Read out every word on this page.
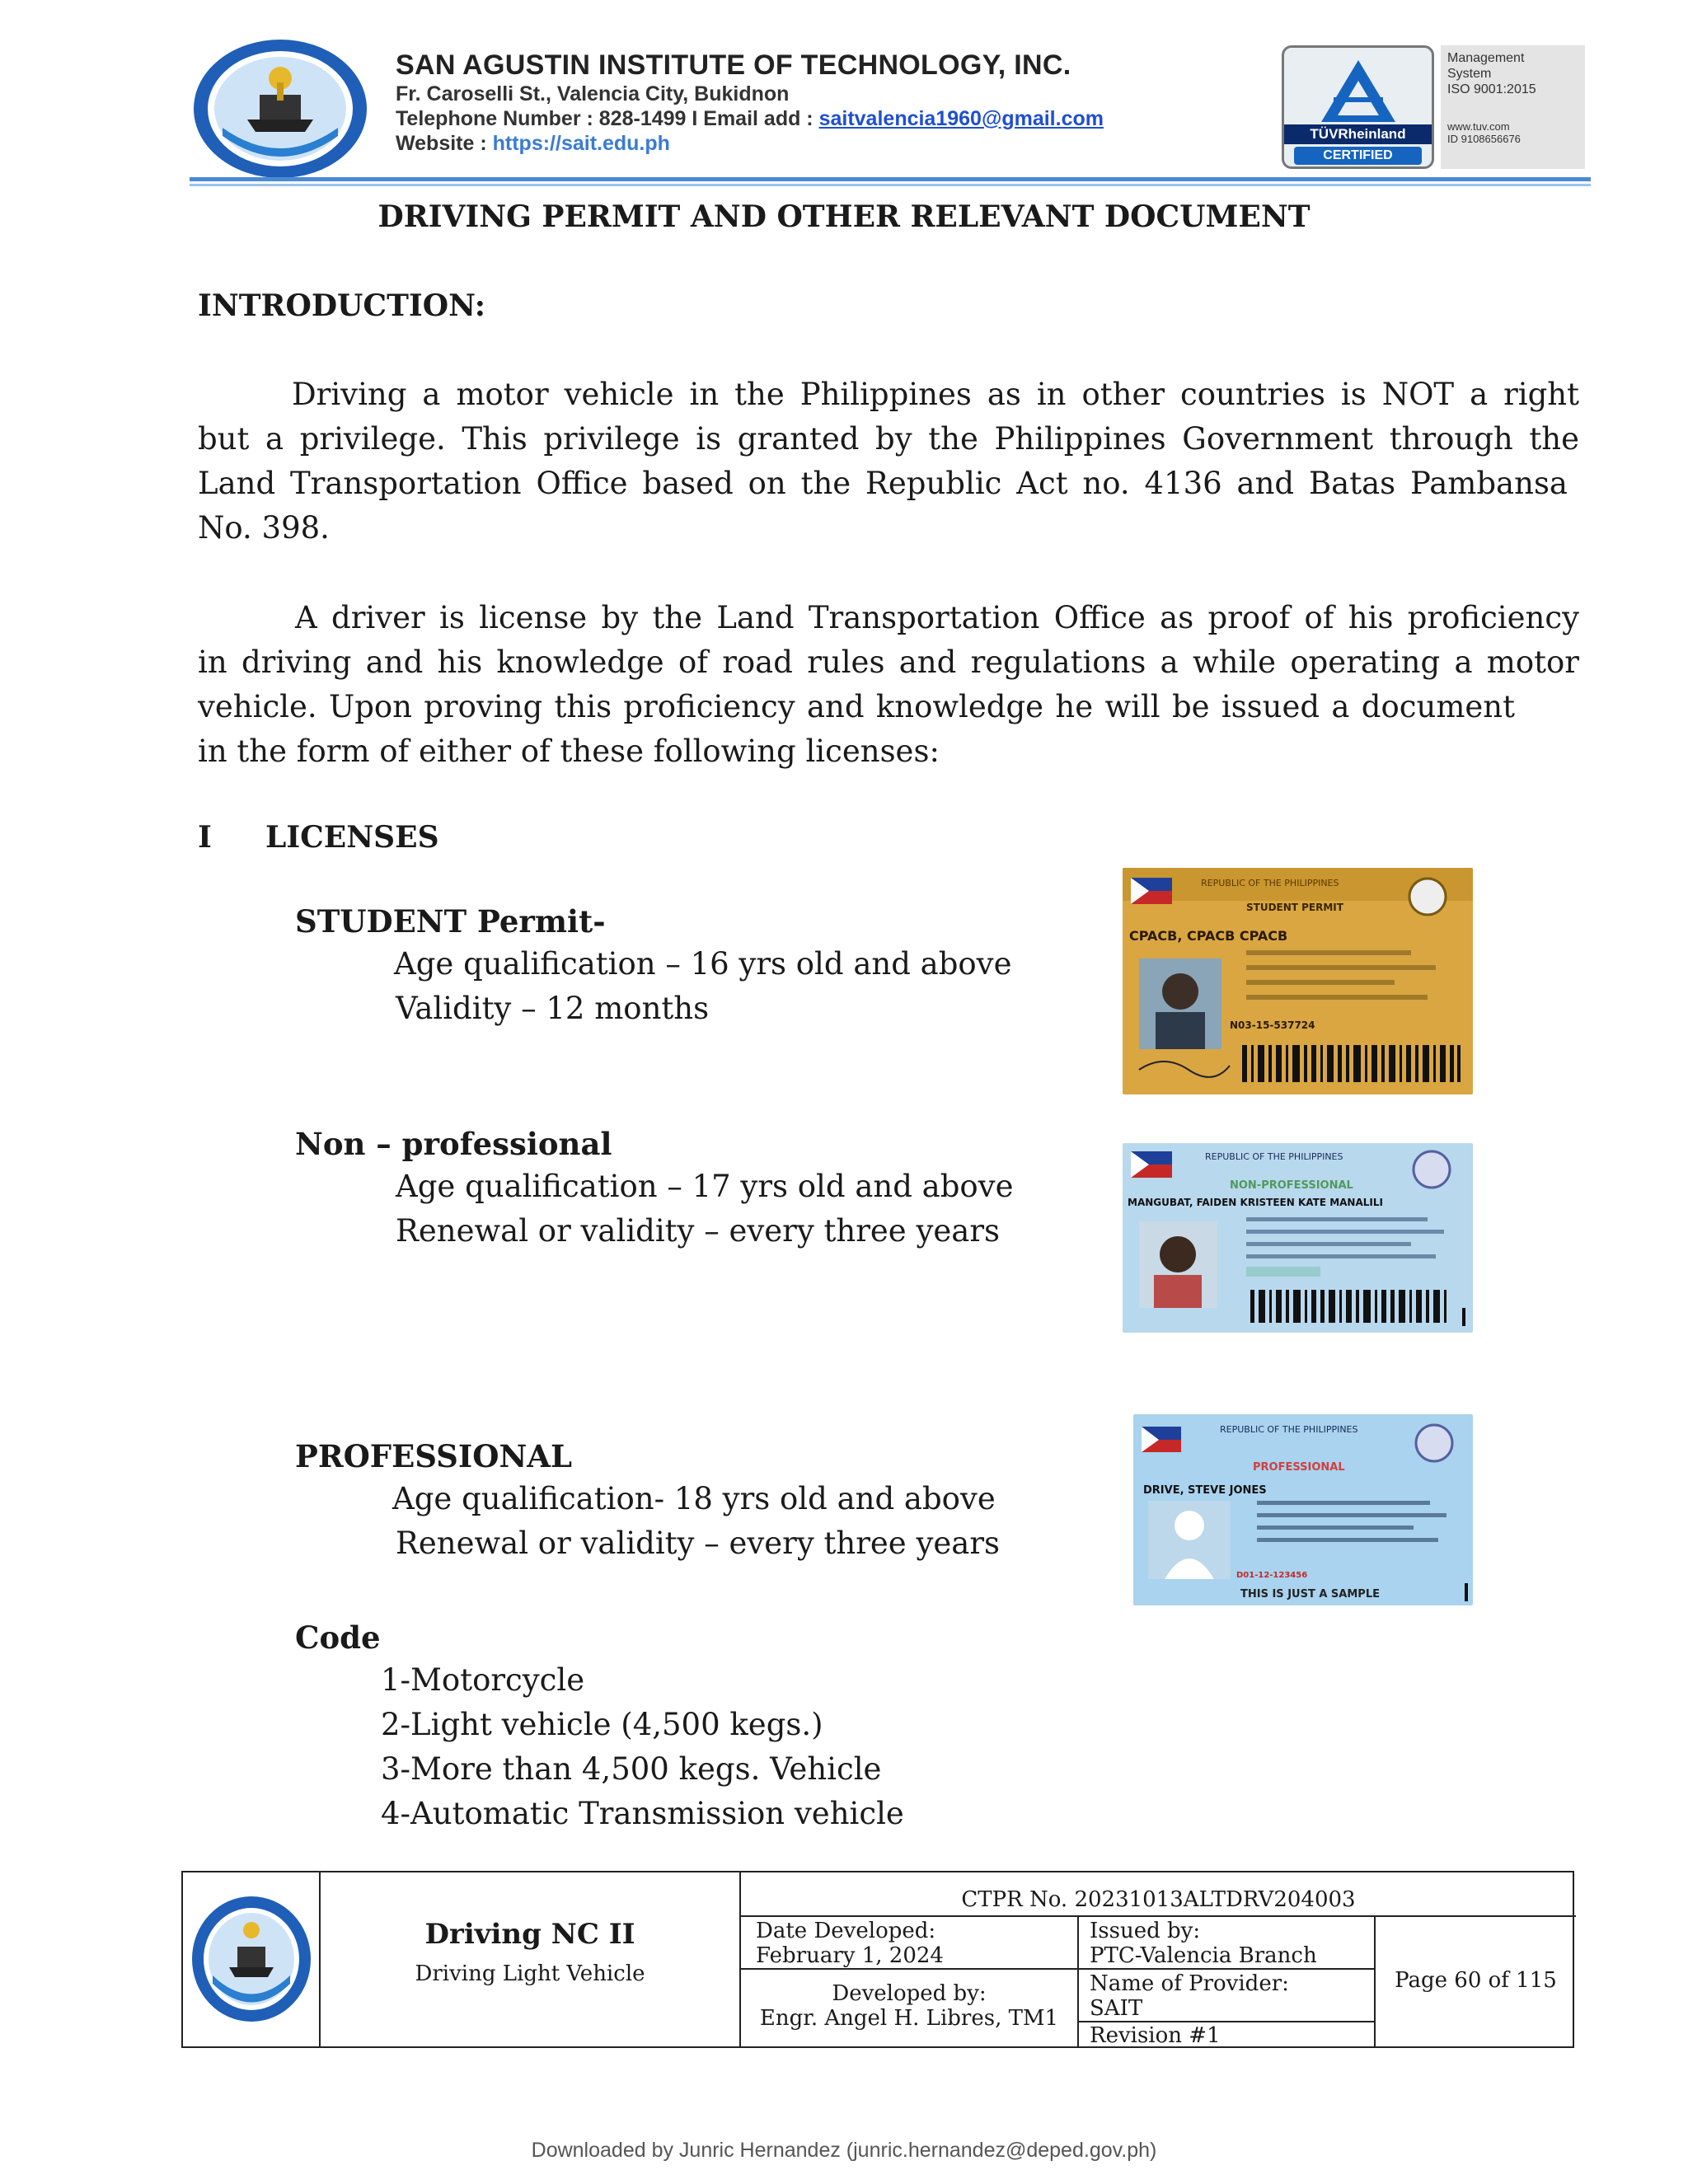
SAN AGUSTIN INSTITUTE OF TECHNOLOGY, INC.
Fr. Caroselli St., Valencia City, Bukidnon
Telephone Number : 828-1499 I Email add : saitvalencia1960@gmail.com
Website : https://sait.edu.ph	TÜVRheinland
CERTIFIED
Management
System
ISO 9001:2015
www.tuv.com
ID 9108656676
DRIVING PERMIT AND OTHER RELEVANT DOCUMENT
INTRODUCTION:
Driving a motor vehicle in the Philippines as in other countries is NOT a right
but a privilege. This privilege is granted by the Philippines Government through the
Land Transportation Office based on the Republic Act no. 4136 and Batas Pambansa
No. 398.
A driver is license by the Land Transportation Office as proof of his proficiency
in driving and his knowledge of road rules and regulations a while operating a motor
vehicle. Upon proving this proficiency and knowledge he will be issued a document
in the form of either of these following licenses:
I LICENSES
STUDENT Permit-
Age qualification – 16 yrs old and above
Validity – 12 months
Non – professional
Age qualification – 17 yrs old and above
Renewal or validity – every three years
PROFESSIONAL
Age qualification- 18 yrs old and above
Renewal or validity – every three years
Code
1-Motorcycle
2-Light vehicle (4,500 kegs.)
3-More than 4,500 kegs. Vehicle
4-Automatic Transmission vehicle
REPUBLIC OF THE PHILIPPINES
STUDENT PERMIT
CPACB, CPACB CPACB
N03-15-537724
REPUBLIC OF THE PHILIPPINES
NON-PROFESSIONAL
MANGUBAT, FAIDEN KRISTEEN KATE MANALILI
REPUBLIC OF THE PHILIPPINES
PROFESSIONAL
DRIVE, STEVE JONES
D01-12-123456
THIS IS JUST A SAMPLE
Driving NC II
Driving Light Vehicle
CTPR No. 20231013ALTDRV204003
Date Developed:
February 1, 2024
Developed by:
Engr. Angel H. Libres, TM1
Issued by:
PTC-Valencia Branch
Name of Provider:
SAIT
Revision #1
Page 60 of 115
Downloaded by Junric Hernandez (junric.hernandez@deped.gov.ph)
